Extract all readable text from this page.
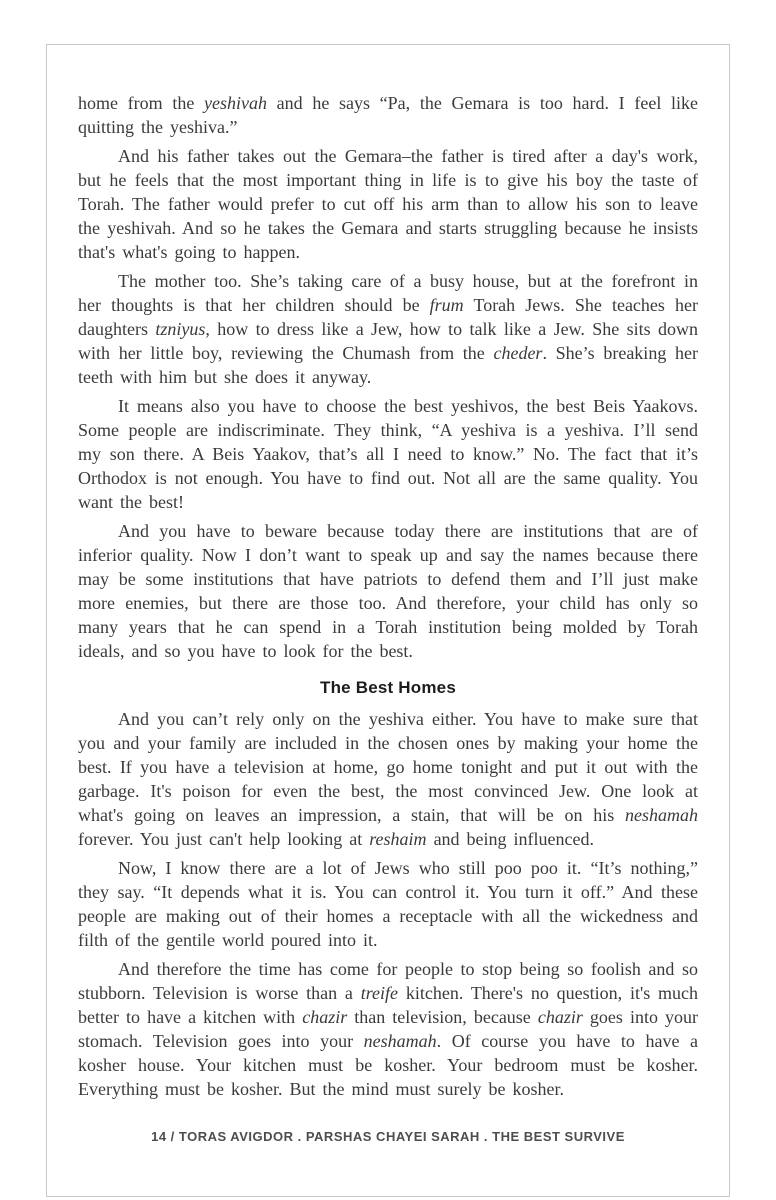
home from the yeshivah and he says “Pa, the Gemara is too hard. I feel like quitting the yeshiva.”

And his father takes out the Gemara–the father is tired after a day's work, but he feels that the most important thing in life is to give his boy the taste of Torah. The father would prefer to cut off his arm than to allow his son to leave the yeshivah. And so he takes the Gemara and starts struggling because he insists that's what's going to happen.

The mother too. She’s taking care of a busy house, but at the forefront in her thoughts is that her children should be frum Torah Jews. She teaches her daughters tzniyus, how to dress like a Jew, how to talk like a Jew. She sits down with her little boy, reviewing the Chumash from the cheder. She’s breaking her teeth with him but she does it anyway.

It means also you have to choose the best yeshivos, the best Beis Yaakovs. Some people are indiscriminate. They think, “A yeshiva is a yeshiva. I’ll send my son there. A Beis Yaakov, that’s all I need to know.” No. The fact that it’s Orthodox is not enough. You have to find out. Not all are the same quality. You want the best!

And you have to beware because today there are institutions that are of inferior quality. Now I don’t want to speak up and say the names because there may be some institutions that have patriots to defend them and I’ll just make more enemies, but there are those too. And therefore, your child has only so many years that he can spend in a Torah institution being molded by Torah ideals, and so you have to look for the best.

The Best Homes

And you can’t rely only on the yeshiva either. You have to make sure that you and your family are included in the chosen ones by making your home the best. If you have a television at home, go home tonight and put it out with the garbage. It's poison for even the best, the most convinced Jew. One look at what's going on leaves an impression, a stain, that will be on his neshamah forever. You just can't help looking at reshaim and being influenced.

Now, I know there are a lot of Jews who still poo poo it. “It’s nothing,” they say. “It depends what it is. You can control it. You turn it off.” And these people are making out of their homes a receptacle with all the wickedness and filth of the gentile world poured into it.

And therefore the time has come for people to stop being so foolish and so stubborn. Television is worse than a treife kitchen. There's no question, it's much better to have a kitchen with chazir than television, because chazir goes into your stomach. Television goes into your neshamah. Of course you have to have a kosher house. Your kitchen must be kosher. Your bedroom must be kosher. Everything must be kosher. But the mind must surely be kosher.

14 / TORAS AVIGDOR . PARSHAS CHAYEI SARAH . THE BEST SURVIVE
